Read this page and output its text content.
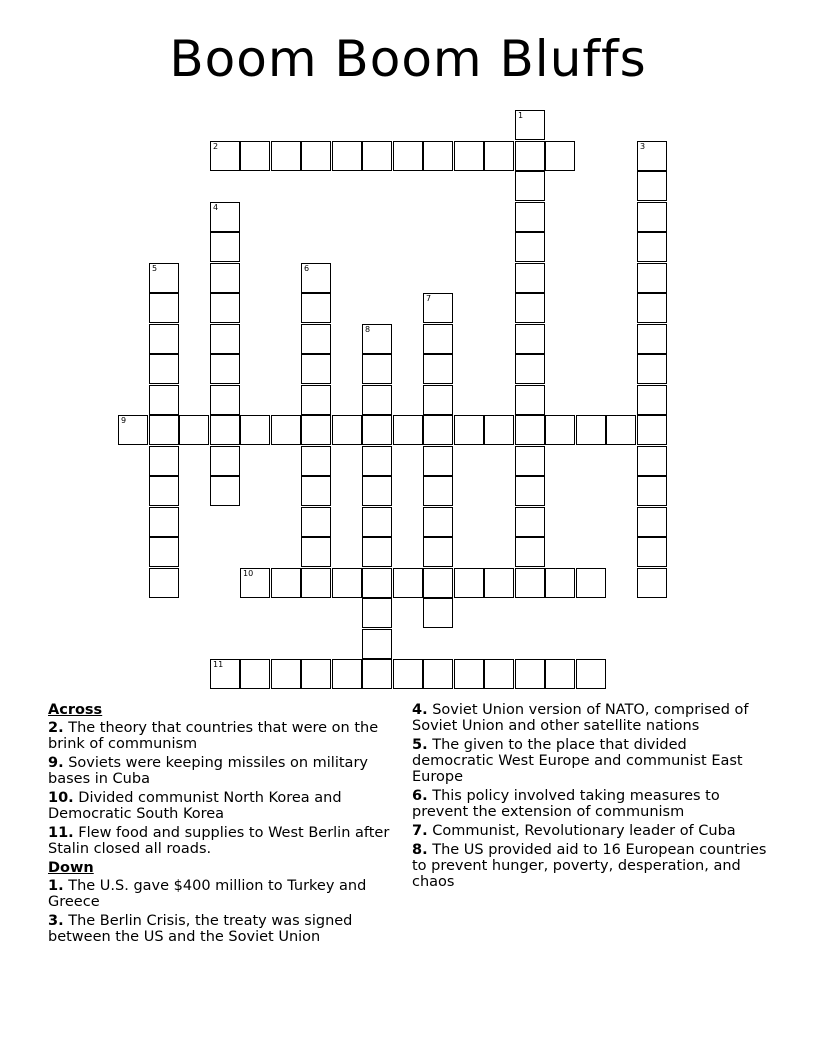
Boom Boom Bluffs
2
9
10
11
1
3
4
5	6
7
8
Across
2. The theory that countries that were on the brink of communism
9. Soviets were keeping missiles on military bases in Cuba
10. Divided communist North Korea and Democratic South Korea
11. Flew food and supplies to West Berlin after Stalin closed all roads.
Down
1. The U.S. gave $400 million to Turkey and Greece
3. The Berlin Crisis, the treaty was signed between the US and the Soviet Union
4. Soviet Union version of NATO, comprised of Soviet Union and other satellite nations
5. The given to the place that divided democratic West Europe and communist East Europe
6. This policy involved taking measures to prevent the extension of communism
7. Communist, Revolutionary leader of Cuba
8. The US provided aid to 16 European countries to prevent hunger, poverty, desperation, and chaos
